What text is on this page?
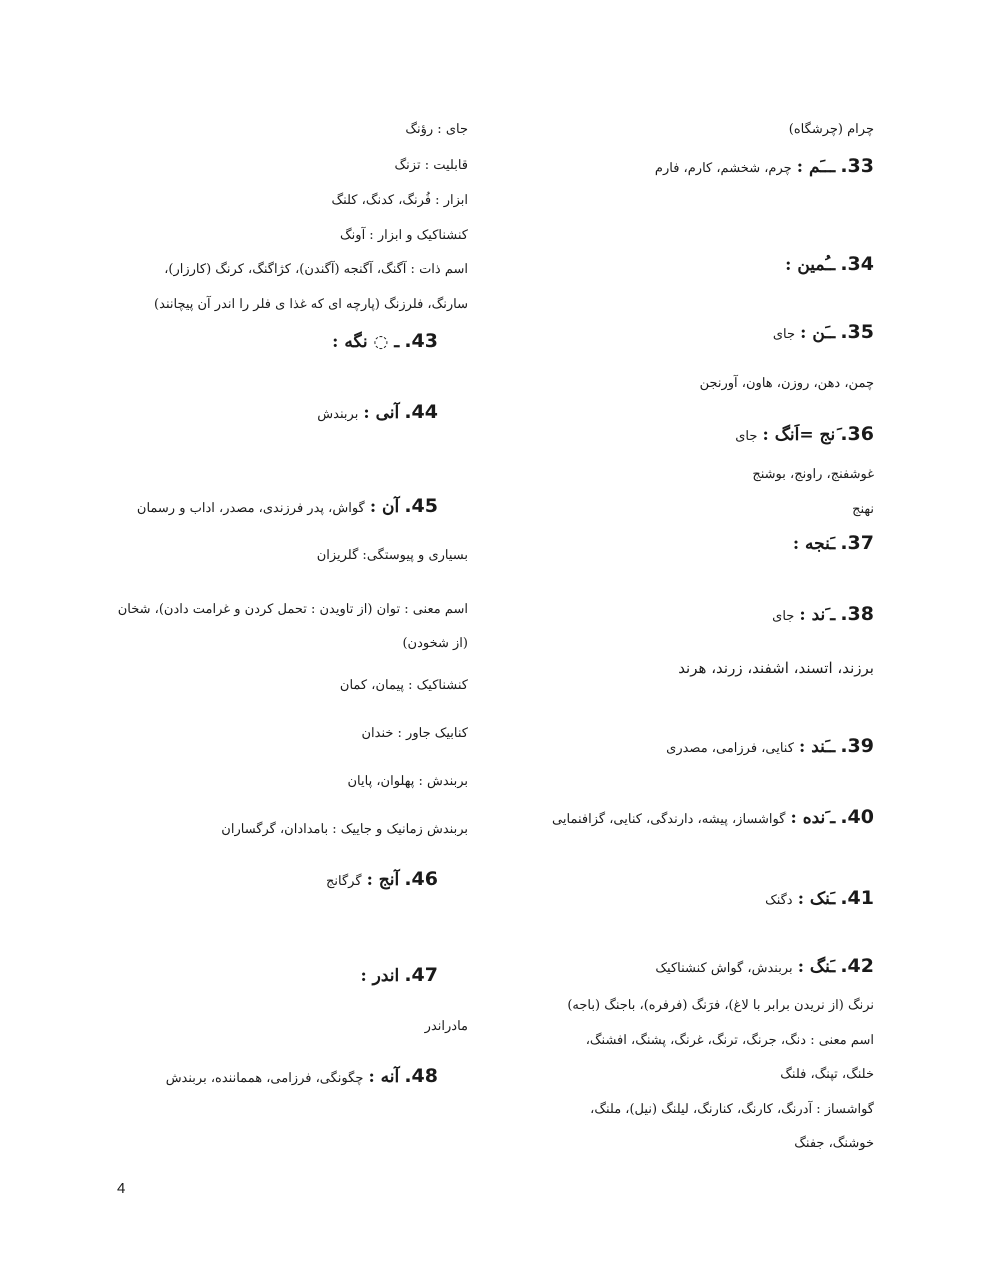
چرام (چرشگاه)
33. ـــَم : چرم، شخشم، کارم، فارم
34. ــُمین :
35. ــَن : جای
چمن، دهن، روزن، هاون، آورنجن
36. َنج =اَنگ : جای
غوشفنج، راونج، بوشنج
نهنج
37. ـَنجه :
38. ـ َند : جای
برزند، اتسند، اشفند، زرند، هرند
39. ــَند : کنایی، فرزامی، مصدری
40. ـ َنده : گواشساز، پیشه، دارندگی، کنایی، گزافنمایی
41. ـَنک : دگنک
42. ـَنگ : بربندش، گواش کنشناکیک
نرنگ (از نریدن برابر با لاغ)، فرَنگ (فرفره)، باجنگ (باجه)
اسم معنی : دنگ، جرنگ، ترنگ، غرنگ، پشنگ، افشنگ،
خلنگ، تپنگ، فلنگ
گواشساز : آدرنگ، کارنگ، کنارنگ، لیلنگ (نیل)، ملنگ،
خوشنگ، جفنگ
جای : رؤنگ
قابلیت : تزنگ
ابزار : فُرنگ، کدنگ، کلنگ
کنشناکیک و ابزار : آونگ
اسم ذات : آگنگ، آگنجه (آگندن)، کژاگنگ، کرنگ (کارزار)،
سارنگ، فلرزنگ (پارچه ای که غذا ی فلر را اندر آن پیچانند)
43. ـ ◌ نگه :
44. آنی : بربندش
45. آن : گواش، پدر فرزندی، مصدر، اداب و رسمان
بسیاری و پیوستگی: گلریزان
اسم معنی : توان (از تاویدن : تحمل کردن و غرامت دادن)، شخان (از شخودن)
کنشناکیک : پیمان، کمان
کنابیک جاور : خندان
بربندش : پهلوان، پایان
بربندش زمانیک و جاییک : بامدادان، گرگساران
46. آنج : گرگانج
47. اندر :
مادراندر
48. آنه : چگونگی، فرزامی، همماننده، بربندش
4
